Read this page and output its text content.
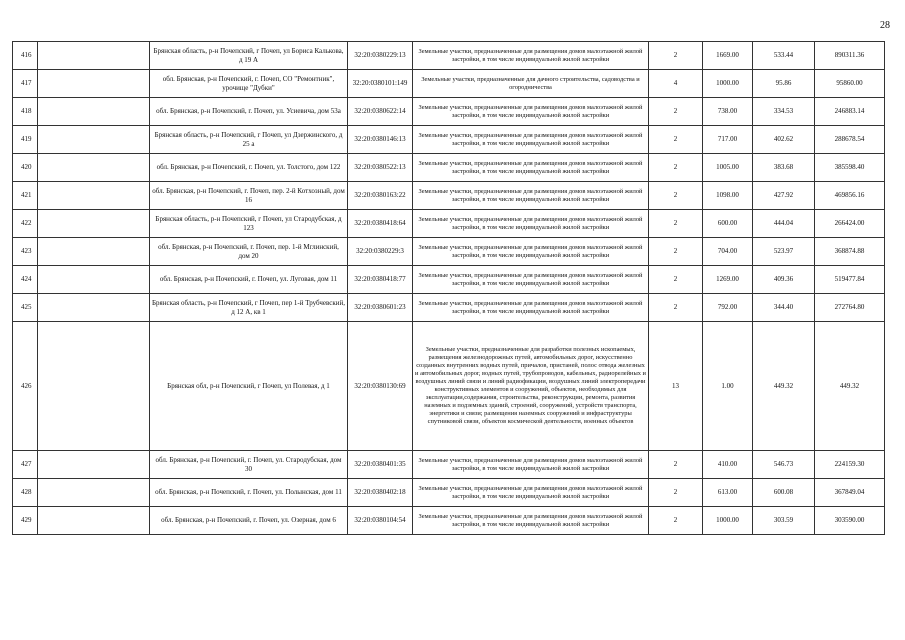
28
416		Брянская область, р-н Почепский, г Почеп, ул Бориса Калькова, д 19 А	32:20:0380229:13	Земельные участки, предназначенные для размещения домов малоэтажной жилой застройки, в том числе индивидуальной жилой застройки	2	1669.00	533.44	890311.36
417		обл. Брянская, р-н Почепский, г. Почеп, СО "Ремонтник", урочище "Дубки"	32:20:0380101:149	Земельные участки, предназначенные для дачного строительства, садоводства и огородничества	4	1000.00	95.86	95860.00
418		обл. Брянская, р-н Почепский, г. Почеп, ул. Усиевича, дом 53а	32:20:0380622:14	Земельные участки, предназначенные для размещения домов малоэтажной жилой застройки, в том числе индивидуальной жилой застройки	2	738.00	334.53	246883.14
419		Брянская область, р-н Почепский, г Почеп, ул Дзержинского, д 25 а	32:20:0380146:13	Земельные участки, предназначенные для размещения домов малоэтажной жилой застройки, в том числе индивидуальной жилой застройки	2	717.00	402.62	288678.54
420		обл. Брянская, р-н Почепский, г. Почеп, ул. Толстого, дом 122	32:20:0380522:13	Земельные участки, предназначенные для размещения домов малоэтажной жилой застройки, в том числе индивидуальной жилой застройки	2	1005.00	383.68	385598.40
421		обл. Брянская, р-н Почепский, г. Почеп, пер. 2-й Котхозный, дом 16	32:20:0380163:22	Земельные участки, предназначенные для размещения домов малоэтажной жилой застройки, в том числе индивидуальной жилой застройки	2	1098.00	427.92	469856.16
422		Брянская область, р-н Почепский, г Почеп, ул Стародубская, д 123	32:20:0380418:64	Земельные участки, предназначенные для размещения домов малоэтажной жилой застройки, в том числе индивидуальной жилой застройки	2	600.00	444.04	266424.00
423		обл. Брянская, р-н Почепский, г. Почеп, пер. 1-й Мглинский, дом 20	32:20:0380229:3	Земельные участки, предназначенные для размещения домов малоэтажной жилой застройки, в том числе индивидуальной жилой застройки	2	704.00	523.97	368874.88
424		обл. Брянская, р-н Почепский, г. Почеп, ул. Луговая, дом 11	32:20:0380418:77	Земельные участки, предназначенные для размещения домов малоэтажной жилой застройки, в том числе индивидуальной жилой застройки	2	1269.00	409.36	519477.84
425		Брянская область, р-н Почепский, г Почеп, пер 1-й Трубчевский, д 12 А, кв 1	32:20:0380601:23	Земельные участки, предназначенные для размещения домов малоэтажной жилой застройки, в том числе индивидуальной жилой застройки	2	792.00	344.40	272764.80
426		Брянская обл, р-н Почепский, г Почеп, ул Полевая, д 1	32:20:0380130:69	Земельные участки, предназначенные для разработки полезных ископаемых, размещения железнодорожных путей, автомобильных дорог, искусственно созданных внутренних водных путей, причалов, пристаней, полос отвода железных и автомобильных дорог, водных путей, трубопроводов, кабельных, радиорелейных и воздушных линий связи и линий радиофикации, воздушных линий электропередачи конструктивных элементов и сооружений, объектов, необходимых для эксплуатации,содержания, строительства, реконструкции, ремонта, развития наземных и подземных зданий, строений, сооружений, устройств транспорта, энергетики и связи; размещения наземных сооружений и инфраструктуры спутниковой связи, объектов космической деятельности, военных объектов	13	1.00	449.32	449.32
427		обл. Брянская, р-н Почепский, г. Почеп, ул. Стародубская, дом 30	32:20:0380401:35	Земельные участки, предназначенные для размещения домов малоэтажной жилой застройки, в том числе индивидуальной жилой застройки	2	410.00	546.73	224159.30
428		обл. Брянская, р-н Почепский, г. Почеп, ул. Полынская, дом 11	32:20:0380402:18	Земельные участки, предназначенные для размещения домов малоэтажной жилой застройки, в том числе индивидуальной жилой застройки	2	613.00	600.08	367849.04
429		обл. Брянская, р-н Почепский, г. Почеп, ул. Озерная, дом 6	32:20:0380104:54	Земельные участки, предназначенные для размещения домов малоэтажной жилой застройки, в том числе индивидуальной жилой застройки	2	1000.00	303.59	303590.00
